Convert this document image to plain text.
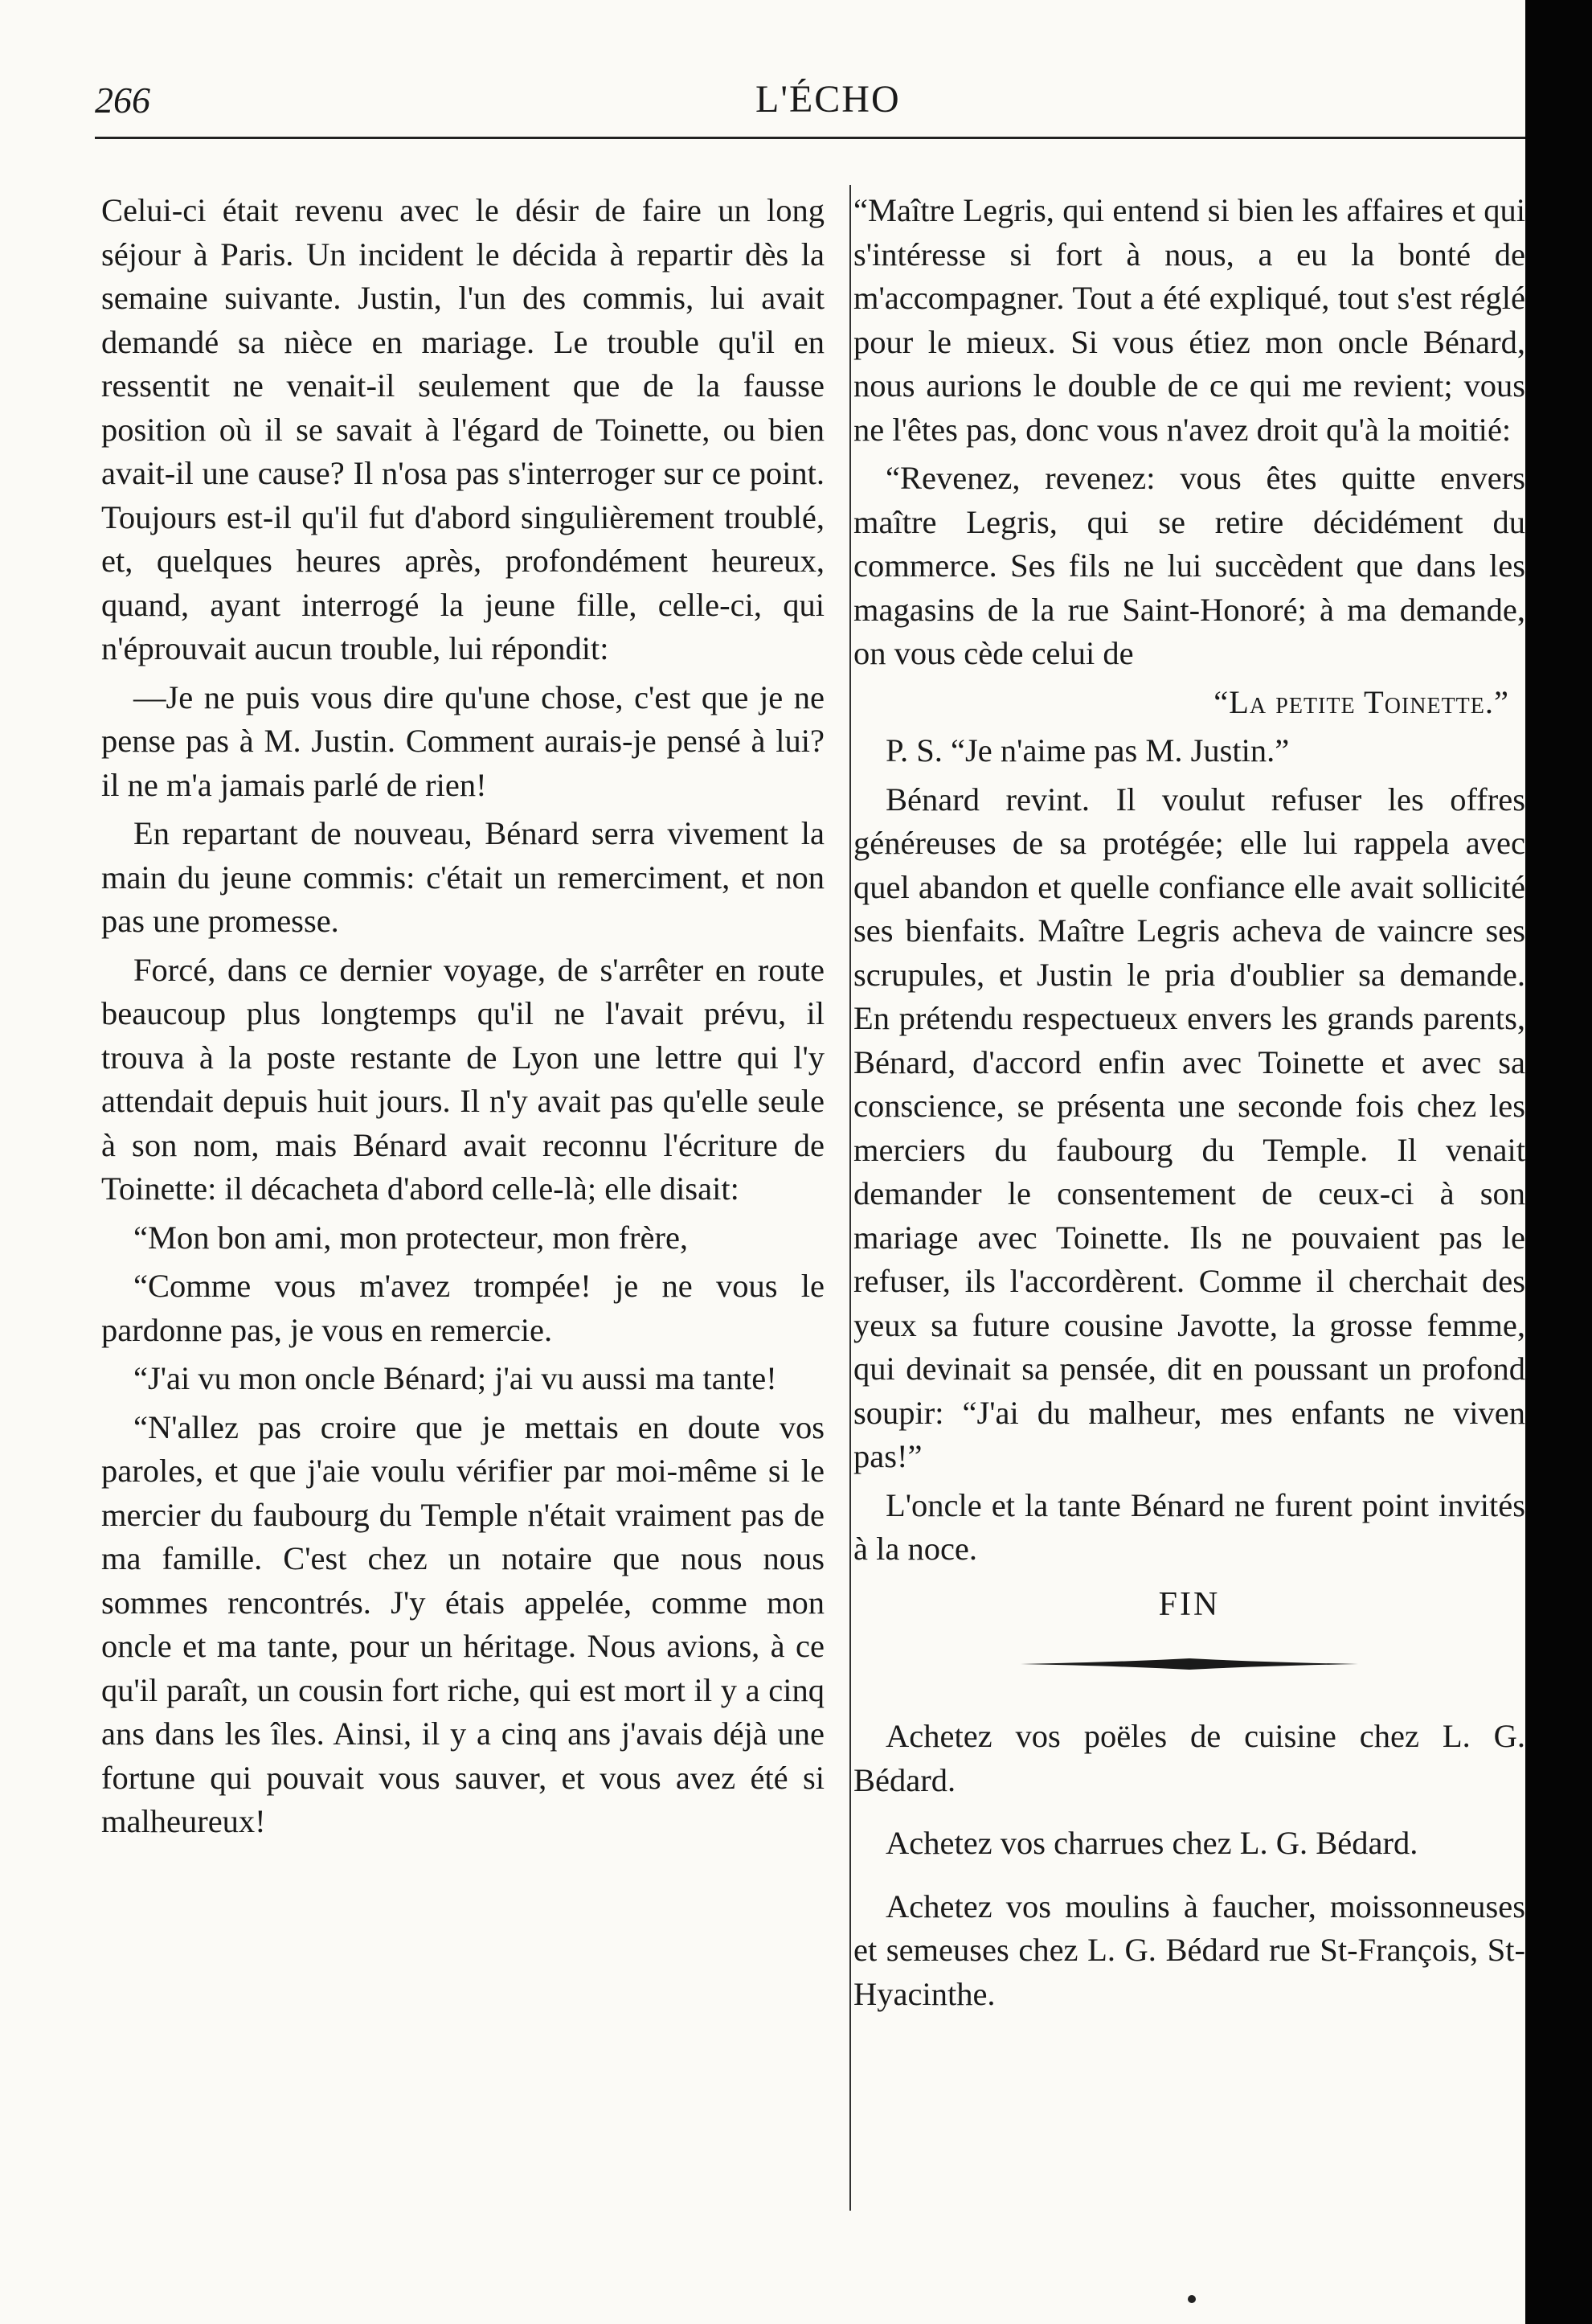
266	L'ÉCHO

Celui-ci était revenu avec le désir de faire un long séjour à Paris. Un incident le décida à repartir dès la semaine suivante. Justin, l'un des commis, lui avait demandé sa nièce en mariage. Le trouble qu'il en ressentit ne venait-il seulement que de la fausse position où il se savait à l'égard de Toinette, ou bien avait-il une cause? Il n'osa pas s'interroger sur ce point. Toujours est-il qu'il fut d'abord singulièrement troublé, et, quelques heures après, profondément heureux, quand, ayant interrogé la jeune fille, celle-ci, qui n'éprouvait aucun trouble, lui répondit:

—Je ne puis vous dire qu'une chose, c'est que je ne pense pas à M. Justin. Comment aurais-je pensé à lui? il ne m'a jamais parlé de rien!

En repartant de nouveau, Bénard serra vivement la main du jeune commis: c'était un remerciment, et non pas une promesse.

Forcé, dans ce dernier voyage, de s'arrêter en route beaucoup plus longtemps qu'il ne l'avait prévu, il trouva à la poste restante de Lyon une lettre qui l'y attendait depuis huit jours. Il n'y avait pas qu'elle seule à son nom, mais Bénard avait reconnu l'écriture de Toinette: il décacheta d'abord celle-là; elle disait:

“Mon bon ami, mon protecteur, mon frère,

“Comme vous m'avez trompée! je ne vous le pardonne pas, je vous en remercie.

“J'ai vu mon oncle Bénard; j'ai vu aussi ma tante!

“N'allez pas croire que je mettais en doute vos paroles, et que j'aie voulu vérifier par moi-même si le mercier du faubourg du Temple n'était vraiment pas de ma famille. C'est chez un notaire que nous nous sommes rencontrés. J'y étais appelée, comme mon oncle et ma tante, pour un héritage. Nous avions, à ce qu'il paraît, un cousin fort riche, qui est mort il y a cinq ans dans les îles. Ainsi, il y a cinq ans j'avais déjà une fortune qui pouvait vous sauver, et vous avez été si malheureux!

“Maître Legris, qui entend si bien les affaires et qui s'intéresse si fort à nous, a eu la bonté de m'accompagner. Tout a été expliqué, tout s'est réglé pour le mieux. Si vous étiez mon oncle Bénard, nous aurions le double de ce qui me revient; vous ne l'êtes pas, donc vous n'avez droit qu'à la moitié:

“Revenez, revenez: vous êtes quitte envers maître Legris, qui se retire décidément du commerce. Ses fils ne lui succèdent que dans les magasins de la rue Saint-Honoré; à ma demande, on vous cède celui de

“La petite Toinette.”

P. S. “Je n'aime pas M. Justin.”

Bénard revint. Il voulut refuser les offres généreuses de sa protégée; elle lui rappela avec quel abandon et quelle confiance elle avait sollicité ses bienfaits. Maître Legris acheva de vaincre ses scrupules, et Justin le pria d'oublier sa demande. En prétendu respectueux envers les grands parents, Bénard, d'accord enfin avec Toinette et avec sa conscience, se présenta une seconde fois chez les merciers du faubourg du Temple. Il venait demander le consentement de ceux-ci à son mariage avec Toinette. Ils ne pouvaient pas le refuser, ils l'accordèrent. Comme il cherchait des yeux sa future cousine Javotte, la grosse femme, qui devinait sa pensée, dit en poussant un profond soupir: “J'ai du malheur, mes enfants ne viven pas!”

L'oncle et la tante Bénard ne furent point invités à la noce.

FIN

Achetez vos poëles de cuisine chez L. G. Bédard.

Achetez vos charrues chez L. G. Bédard.

Achetez vos moulins à faucher, moissonneuses et semeuses chez L. G. Bédard rue St-François, St-Hyacinthe.
